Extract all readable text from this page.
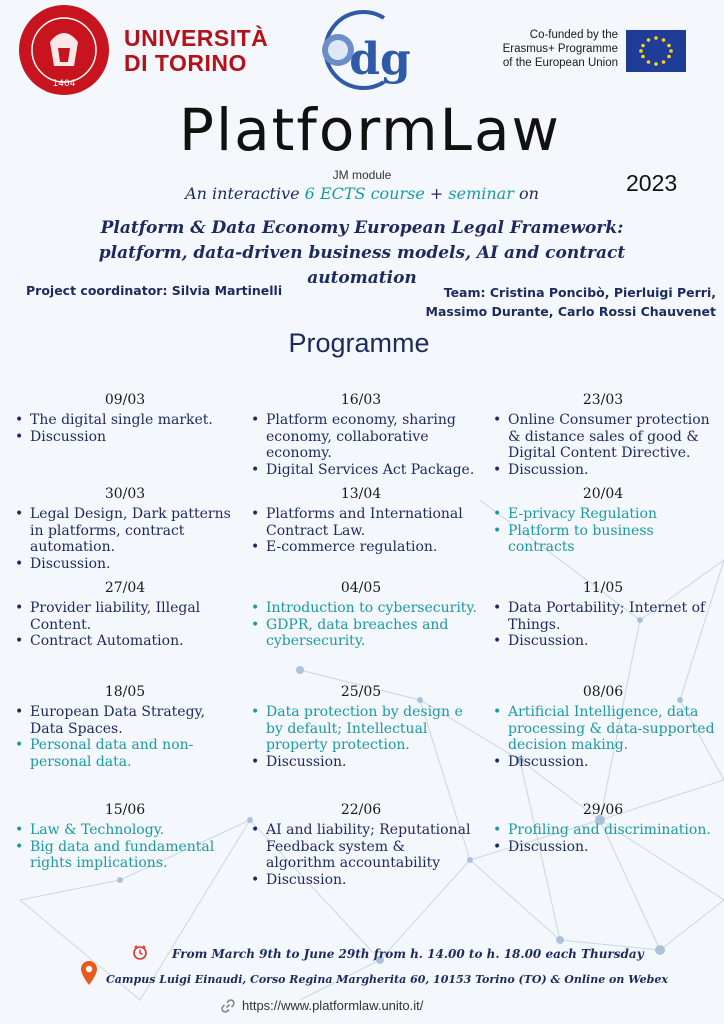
1404
UNIVERSITÀ
DI TORINO	dg	Co-funded by the
Erasmus+ Programme
of the European Union
PlatformLaw
JM module	2023
An interactive 6 ECTS course + seminar on
Platform & Data Economy European Legal Framework: platform, data-driven business models, AI and contract automation
Project coordinator: Silvia Martinelli	Team: Cristina Poncibò, Pierluigi Perri, Massimo Durante, Carlo Rossi Chauvenet
Programme
09/03
• The digital single market.
• Discussion
16/03
• Platform economy, sharing economy, collaborative economy.
• Digital Services Act Package.
23/03
• Online Consumer protection & distance sales of good & Digital Content Directive.
• Discussion.
30/03
• Legal Design, Dark patterns in platforms, contract automation.
• Discussion.
13/04
• Platforms and International Contract Law.
• E-commerce regulation.
20/04
• E-privacy Regulation
• Platform to business contracts
27/04
• Provider liability, Illegal Content.
• Contract Automation.
04/05
• Introduction to cybersecurity.
• GDPR, data breaches and cybersecurity.
11/05
• Data Portability; Internet of Things.
• Discussion.
18/05
• European Data Strategy, Data Spaces.
• Personal data and non-personal data.
25/05
• Data protection by design e by default; Intellectual property protection.
• Discussion.
08/06
• Artificial Intelligence, data processing & data-supported decision making.
• Discussion.
15/06
• Law & Technology.
• Big data and fundamental rights implications.
22/06
• AI and liability; Reputational Feedback system & algorithm accountability
• Discussion.
29/06
• Profiling and discrimination.
• Discussion.
From March 9th to June 29th from h. 14.00 to h. 18.00 each Thursday
Campus Luigi Einaudi, Corso Regina Margherita 60, 10153 Torino (TO) & Online on Webex
https://www.platformlaw.unito.it/
